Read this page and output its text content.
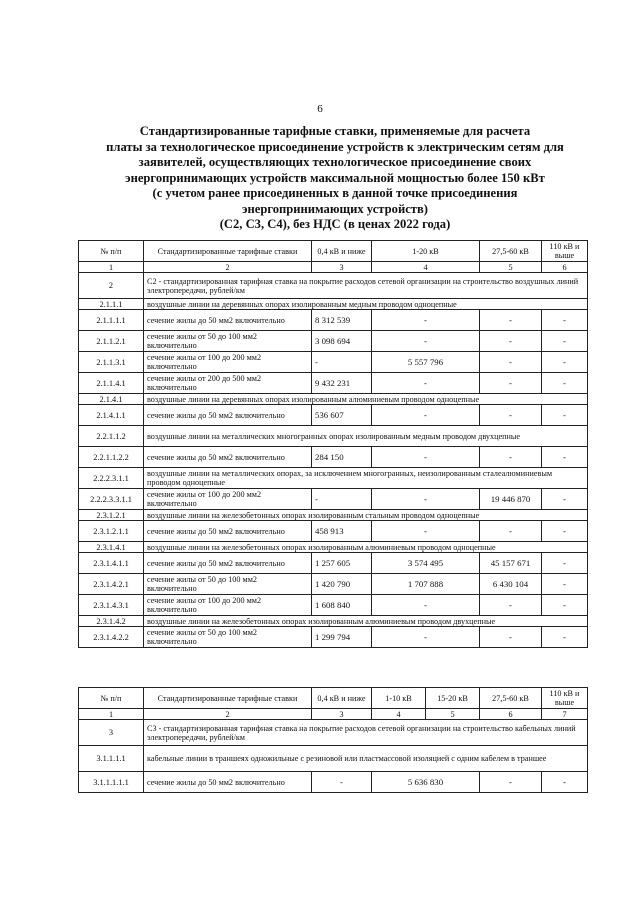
6
Стандартизированные тарифные ставки, применяемые для расчета
платы за технологическое присоединение устройств к электрическим сетям для
заявителей, осуществляющих технологическое присоединение своих
энергопринимающих устройств максимальной мощностью более 150 кВт
(с учетом ранее присоединенных в данной точке присоединения
энергопринимающих устройств)
(С2, С3, С4), без НДС (в ценах 2022 года)
№ п/п	Стандартизированные тарифные ставки	0,4 кВ и ниже	1-20 кВ	27,5-60 кВ	110 кВ и выше
1	2	3	4	5	6
2	С2 - стандартизированная тарифная ставка на покрытие расходов сетевой организации на строительство воздушных линий электропередачи, рублей/км				
2.1.1.1	воздушные линии на деревянных опорах изолированным медным проводом одноцепные				
2.1.1.1.1	сечение жилы до 50 мм2 включительно	8 312 539	-	-	-
2.1.1.2.1	сечение жилы от 50 до 100 мм2 включительно	3 098 694	-	-	-
2.1.1.3.1	сечение жилы от 100 до 200 мм2 включительно	-	5 557 796	-	-
2.1.1.4.1	сечение жилы от 200 до 500 мм2 включительно	9 432 231	-	-	-
2.1.4.1	воздушные линии на деревянных опорах изолированным алюминиевым проводом одноцепные				
2.1.4.1.1	сечение жилы до 50 мм2 включительно	536 607	-	-	-
2.2.1.1.2	воздушные линии на металлических многогранных опорах изолированным медным проводом двухцепные				
2.2.1.1.2.2	сечение жилы до 50 мм2 включительно	284 150	-	-	-
2.2.2.3.1.1	воздушные линии на металлических опорах, за исключением многогранных, неизолированным сталеалюминиевым проводом одноцепные				
2.2.2.3.3.1.1	сечение жилы от 100 до 200 мм2 включительно	-	-	19 446 870	-
2.3.1.2.1	воздушные линии на железобетонных опорах изолированным стальным проводом одноцепные				
2.3.1.2.1.1	сечение жилы до 50 мм2 включительно	458 913	-	-	-
2.3.1.4.1	воздушные линии на железобетонных опорах изолированным алюминиевым проводом одноцепные				
2.3.1.4.1.1	сечение жилы до 50 мм2 включительно	1 257 605	3 574 495	45 157 671	-
2.3.1.4.2.1	сечение жилы от 50 до 100 мм2 включительно	1 420 790	1 707 888	6 430 104	-
2.3.1.4.3.1	сечение жилы от 100 до 200 мм2 включительно	1 608 840	-	-	-
2.3.1.4.2	воздушные линии на железобетонных опорах изолированным алюминиевым проводом двухцепные				
2.3.1.4.2.2	сечение жилы от 50 до 100 мм2 включительно	1 299 794	-	-	-
№ п/п	Стандартизированные тарифные ставки	0,4 кВ и ниже	1-10 кВ	15-20 кВ	27,5-60 кВ	110 кВ и выше
1	2	3	4	5	6	7
3	С3 - стандартизированная тарифная ставка на покрытие расходов сетевой организации на строительство кабельных линий электропередачи, рублей/км					
3.1.1.1.1	кабельные линии в траншеях одножильные с резиновой или пластмассовой изоляцией с одним кабелем в траншее					
3.1.1.1.1.1	сечение жилы до 50 мм2 включительно	-	5 636 830		-	-
